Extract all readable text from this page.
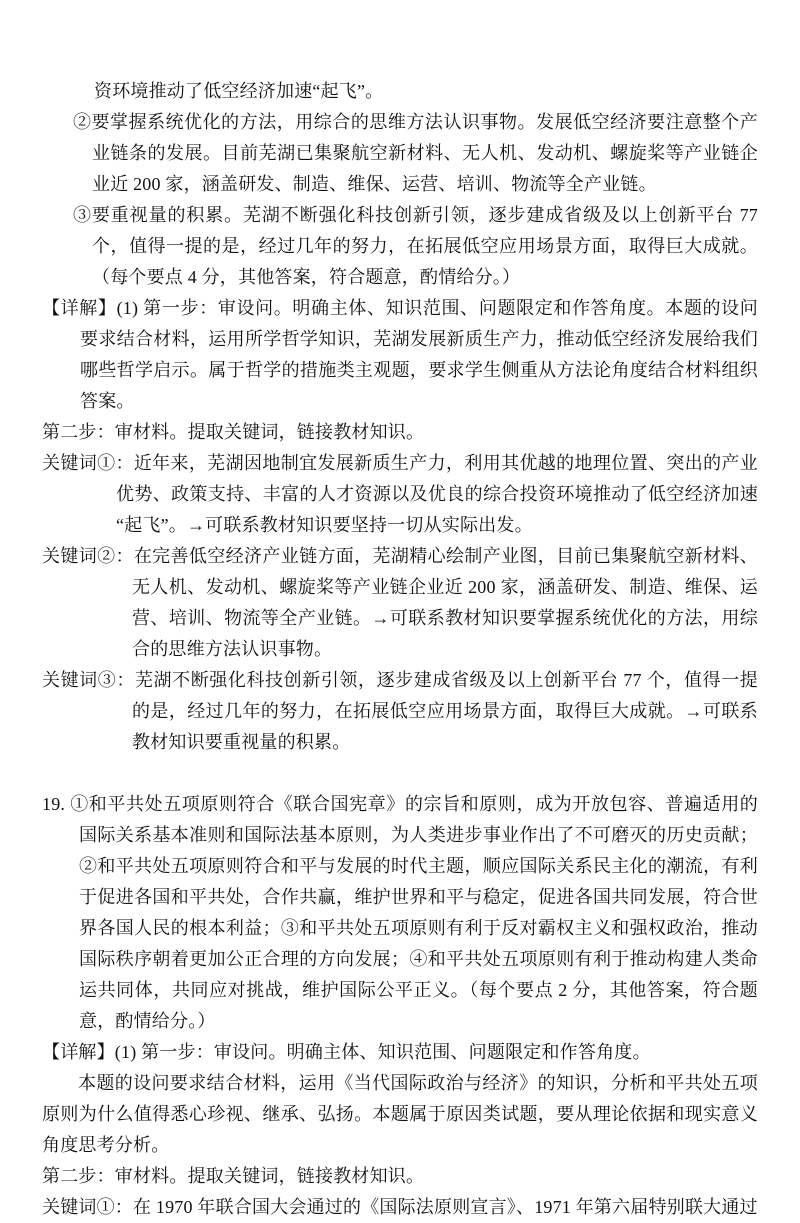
资环境推动了低空经济加速“起飞”。

②要掌握系统优化的方法，用综合的思维方法认识事物。发展低空经济要注意整个产业链条的发展。目前芜湖已集聚航空新材料、无人机、发动机、螺旋桨等产业链企业近 200 家，涵盖研发、制造、维保、运营、培训、物流等全产业链。

③要重视量的积累。芜湖不断强化科技创新引领，逐步建成省级及以上创新平台 77 个，值得一提的是，经过几年的努力，在拓展低空应用场景方面，取得巨大成就。（每个要点 4 分，其他答案，符合题意，酌情给分。）

【详解】(1) 第一步：审设问。明确主体、知识范围、问题限定和作答角度。本题的设问要求结合材料，运用所学哲学知识，芜湖发展新质生产力，推动低空经济发展给我们哪些哲学启示。属于哲学的措施类主观题，要求学生侧重从方法论角度结合材料组织答案。

第二步：审材料。提取关键词，链接教材知识。

关键词①：近年来，芜湖因地制宜发展新质生产力，利用其优越的地理位置、突出的产业优势、政策支持、丰富的人才资源以及优良的综合投资环境推动了低空经济加速“起飞”。→可联系教材知识要坚持一切从实际出发。

关键词②：在完善低空经济产业链方面，芜湖精心绘制产业图，目前已集聚航空新材料、无人机、发动机、螺旋桨等产业链企业近 200 家，涵盖研发、制造、维保、运营、培训、物流等全产业链。→可联系教材知识要掌握系统优化的方法，用综合的思维方法认识事物。

关键词③：芜湖不断强化科技创新引领，逐步建成省级及以上创新平台 77 个，值得一提的是，经过几年的努力，在拓展低空应用场景方面，取得巨大成就。→可联系教材知识要重视量的积累。

19. ①和平共处五项原则符合《联合国宪章》的宗旨和原则，成为开放包容、普遍适用的国际关系基本准则和国际法基本原则，为人类进步事业作出了不可磨灭的历史贡献；②和平共处五项原则符合和平与发展的时代主题，顺应国际关系民主化的潮流，有利于促进各国和平共处，合作共赢，维护世界和平与稳定，促进各国共同发展，符合世界各国人民的根本利益；③和平共处五项原则有利于反对霸权主义和强权政治，推动国际秩序朝着更加公正合理的方向发展；④和平共处五项原则有利于推动构建人类命运共同体，共同应对挑战，维护国际公平正义。（每个要点 2 分，其他答案，符合题意，酌情给分。）

【详解】(1) 第一步：审设问。明确主体、知识范围、问题限定和作答角度。

本题的设问要求结合材料，运用《当代国际政治与经济》的知识，分析和平共处五项原则为什么值得悉心珍视、继承、弘扬。本题属于原因类试题，要从理论依据和现实意义角度思考分析。

第二步：审材料。提取关键词，链接教材知识。

关键词①：在 1970 年联合国大会通过的《国际法原则宣言》、1971 年第六届特别联大通过
